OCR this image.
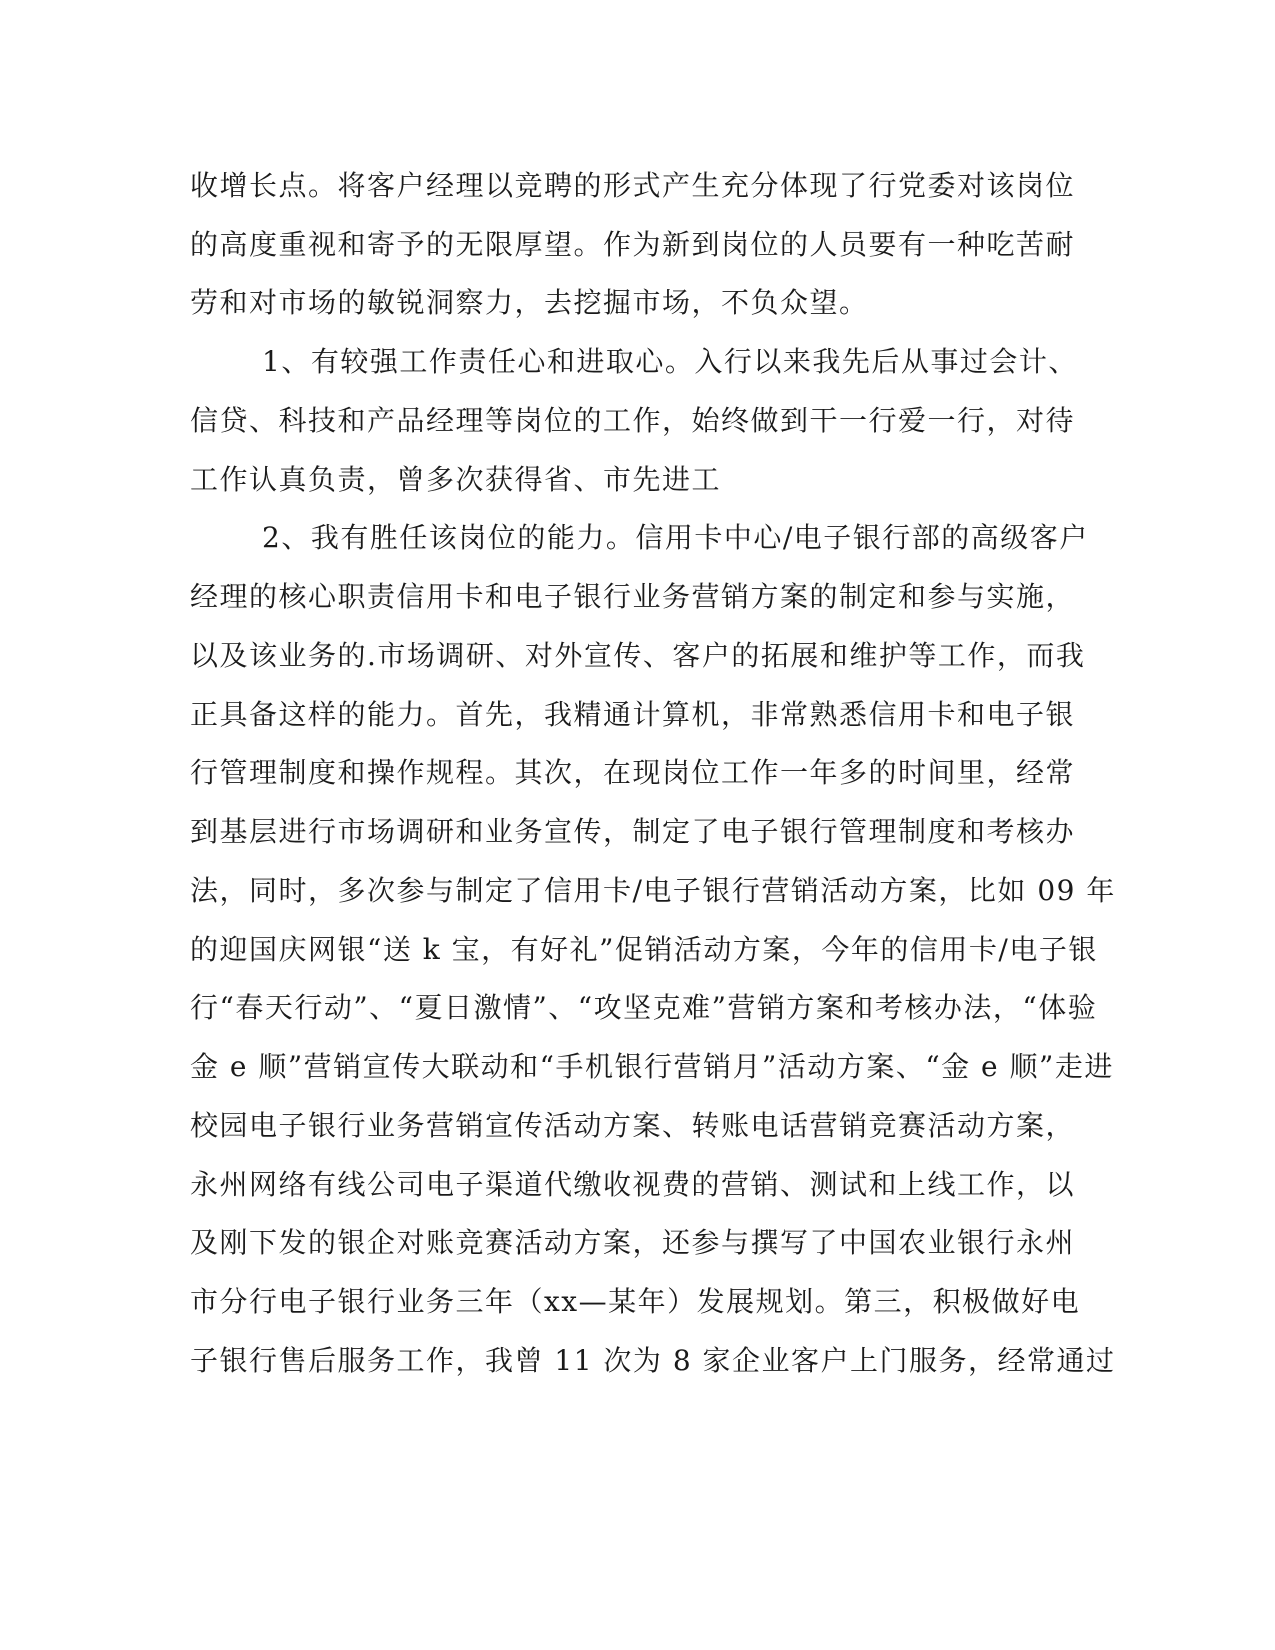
收增长点。将客户经理以竞聘的形式产生充分体现了行党委对该岗位
的高度重视和寄予的无限厚望。作为新到岗位的人员要有一种吃苦耐
劳和对市场的敏锐洞察力，去挖掘市场，不负众望。
1、有较强工作责任心和进取心。入行以来我先后从事过会计、
信贷、科技和产品经理等岗位的工作，始终做到干一行爱一行，对待
工作认真负责，曾多次获得省、市先进工
2、我有胜任该岗位的能力。信用卡中心/电子银行部的高级客户
经理的核心职责信用卡和电子银行业务营销方案的制定和参与实施，
以及该业务的.市场调研、对外宣传、客户的拓展和维护等工作，而我
正具备这样的能力。首先，我精通计算机，非常熟悉信用卡和电子银
行管理制度和操作规程。其次，在现岗位工作一年多的时间里，经常
到基层进行市场调研和业务宣传，制定了电子银行管理制度和考核办
法，同时，多次参与制定了信用卡/电子银行营销活动方案，比如 09 年
的迎国庆网银“送 k 宝，有好礼”促销活动方案，今年的信用卡/电子银
行“春天行动”、“夏日激情”、“攻坚克难”营销方案和考核办法，“体验
金 e 顺”营销宣传大联动和“手机银行营销月”活动方案、“金 e 顺”走进
校园电子银行业务营销宣传活动方案、转账电话营销竞赛活动方案，
永州网络有线公司电子渠道代缴收视费的营销、测试和上线工作，以
及刚下发的银企对账竞赛活动方案，还参与撰写了中国农业银行永州
市分行电子银行业务三年（xx—某年）发展规划。第三，积极做好电
子银行售后服务工作，我曾 11 次为 8 家企业客户上门服务，经常通过
